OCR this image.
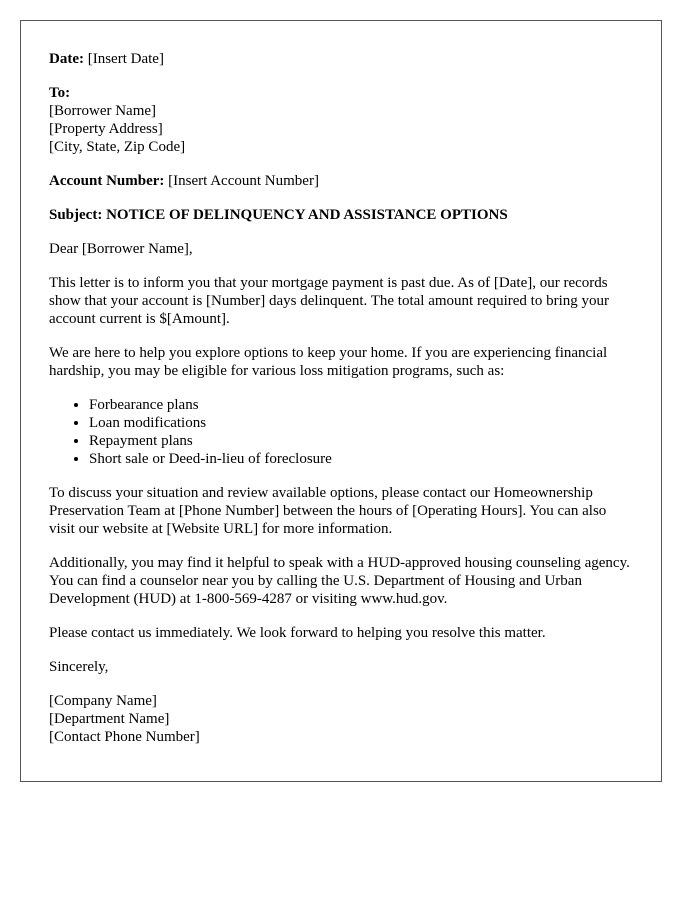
Date: [Insert Date]
To:
[Borrower Name]
[Property Address]
[City, State, Zip Code]
Account Number: [Insert Account Number]
Subject: NOTICE OF DELINQUENCY AND ASSISTANCE OPTIONS
Dear [Borrower Name],
This letter is to inform you that your mortgage payment is past due. As of [Date], our records show that your account is [Number] days delinquent. The total amount required to bring your account current is $[Amount].
We are here to help you explore options to keep your home. If you are experiencing financial hardship, you may be eligible for various loss mitigation programs, such as:
• Forbearance plans
• Loan modifications
• Repayment plans
• Short sale or Deed-in-lieu of foreclosure
To discuss your situation and review available options, please contact our Homeownership Preservation Team at [Phone Number] between the hours of [Operating Hours]. You can also visit our website at [Website URL] for more information.
Additionally, you may find it helpful to speak with a HUD-approved housing counseling agency. You can find a counselor near you by calling the U.S. Department of Housing and Urban Development (HUD) at 1-800-569-4287 or visiting www.hud.gov.
Please contact us immediately. We look forward to helping you resolve this matter.
Sincerely,
[Company Name]
[Department Name]
[Contact Phone Number]
